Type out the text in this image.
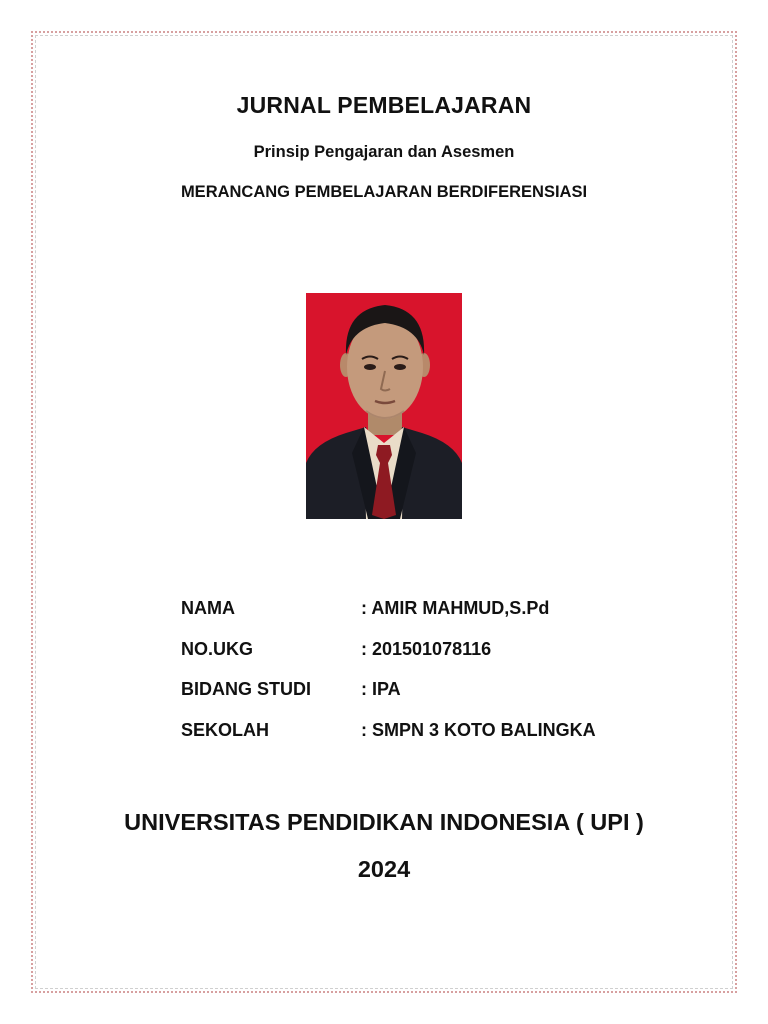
JURNAL PEMBELAJARAN
Prinsip Pengajaran dan Asesmen
MERANCANG PEMBELAJARAN BERDIFERENSIASI
NAMA	: AMIR MAHMUD,S.Pd
NO.UKG	: 201501078116
BIDANG STUDI	: IPA
SEKOLAH	: SMPN 3 KOTO BALINGKA
UNIVERSITAS PENDIDIKAN INDONESIA ( UPI )
2024
